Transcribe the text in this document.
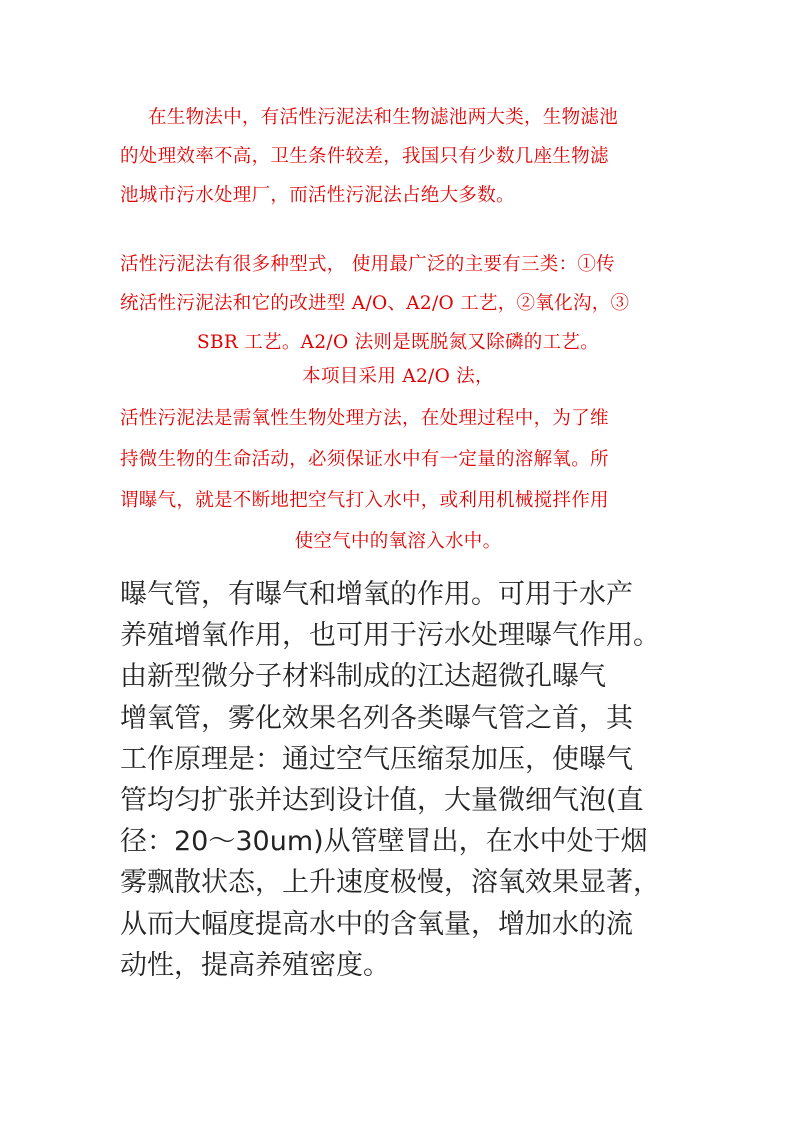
在生物法中，有活性污泥法和生物滤池两大类，生物滤池
的处理效率不高，卫生条件较差，我国只有少数几座生物滤
池城市污水处理厂，而活性污泥法占绝大多数。

活性污泥法有很多种型式， 使用最广泛的主要有三类：①传
统活性污泥法和它的改进型 A/O、A2/O 工艺，②氧化沟，③
SBR 工艺。A2/O 法则是既脱氮又除磷的工艺。

本项目采用 A2/O 法，

活性污泥法是需氧性生物处理方法，在处理过程中，为了维
持微生物的生命活动，必须保证水中有一定量的溶解氧。所
谓曝气，就是不断地把空气打入水中，或利用机械搅拌作用
使空气中的氧溶入水中。

曝气管，有曝气和增氧的作用。可用于水产
养殖增氧作用，也可用于污水处理曝气作用。
由新型微分子材料制成的江达超微孔曝气
增氧管，雾化效果名列各类曝气管之首，其
工作原理是：通过空气压缩泵加压，使曝气
管均匀扩张并达到设计值，大量微细气泡(直
径：20～30um)从管壁冒出，在水中处于烟
雾飘散状态，上升速度极慢，溶氧效果显著，
从而大幅度提高水中的含氧量，增加水的流
动性，提高养殖密度。
